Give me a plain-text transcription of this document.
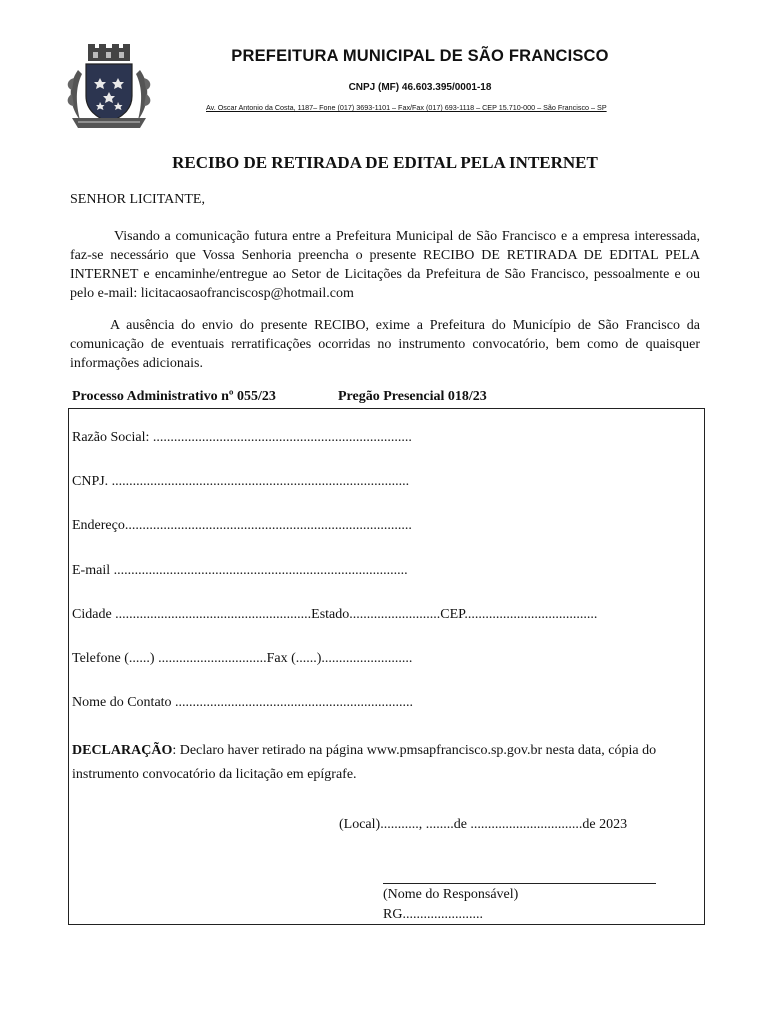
PREFEITURA MUNICIPAL DE SÃO FRANCISCO
CNPJ (MF) 46.603.395/0001-18
Av. Oscar Antonio da Costa, 1187– Fone (017) 3693-1101 – Fax/Fax (017) 693-1118 – CEP 15.710-000 – São Francisco – SP
RECIBO DE RETIRADA DE EDITAL PELA INTERNET
SENHOR LICITANTE,
Visando a comunicação futura entre a Prefeitura Municipal de São Francisco e a empresa interessada, faz-se necessário que Vossa Senhoria preencha o presente RECIBO DE RETIRADA DE EDITAL PELA INTERNET e encaminhe/entregue ao Setor de Licitações da Prefeitura de São Francisco, pessoalmente e ou pelo e-mail: licitacaosaofranciscosp@hotmail.com
A ausência do envio do presente RECIBO, exime a Prefeitura do Município de São Francisco da comunicação de eventuais rerratificações ocorridas no instrumento convocatório, bem como de quaisquer informações adicionais.
Processo Administrativo nº 055/23	Pregão Presencial 018/23
Razão Social: ..........................................................................
CNPJ. .....................................................................................
Endereço..................................................................................
E-mail ....................................................................................
Cidade ........................................................Estado..........................CEP......................................
Telefone (......) ...............................Fax (......)..........................
Nome do Contato ....................................................................
DECLARAÇÃO: Declaro haver retirado na página www.pmsapfrancisco.sp.gov.br nesta data, cópia do instrumento convocatório da licitação em epígrafe.
(Local)..........., ........de ................................de 2023
(Nome do Responsável)
RG.......................
